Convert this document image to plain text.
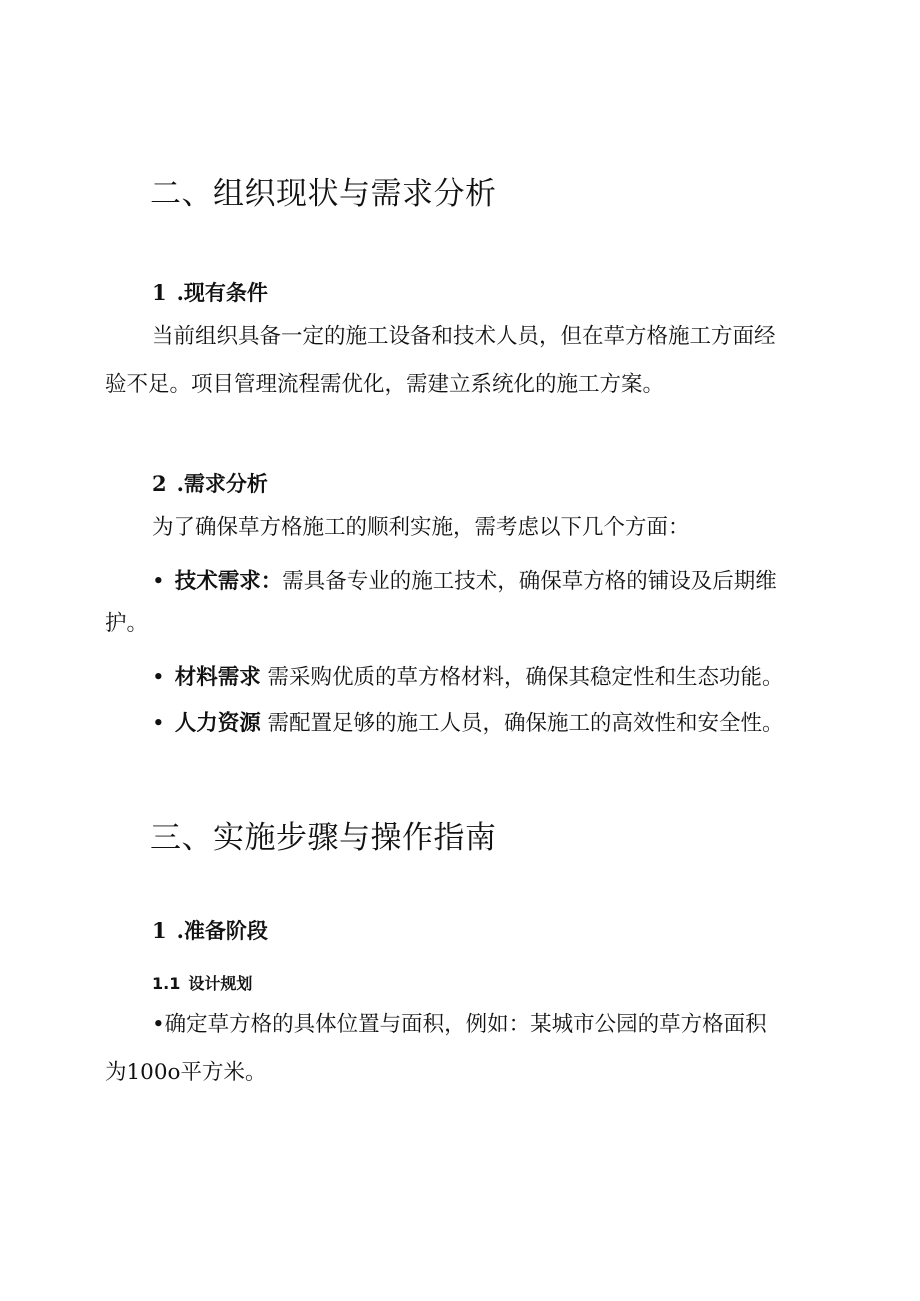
二、组织现状与需求分析
1 .现有条件

当前组织具备一定的施工设备和技术人员，但在草方格施工方面经

验不足。项目管理流程需优化，需建立系统化的施工方案。

2 .需求分析

为了确保草方格施工的顺利实施，需考虑以下几个方面：

• 技术需求：需具备专业的施工技术，确保草方格的铺设及后期维

护。

• 材料需求 需采购优质的草方格材料，确保其稳定性和生态功能。

• 人力资源 需配置足够的施工人员，确保施工的高效性和安全性。

三、实施步骤与操作指南
1 .准备阶段
1.1 设计规划

•确定草方格的具体位置与面积，例如：某城市公园的草方格面积

为100o平方米。
